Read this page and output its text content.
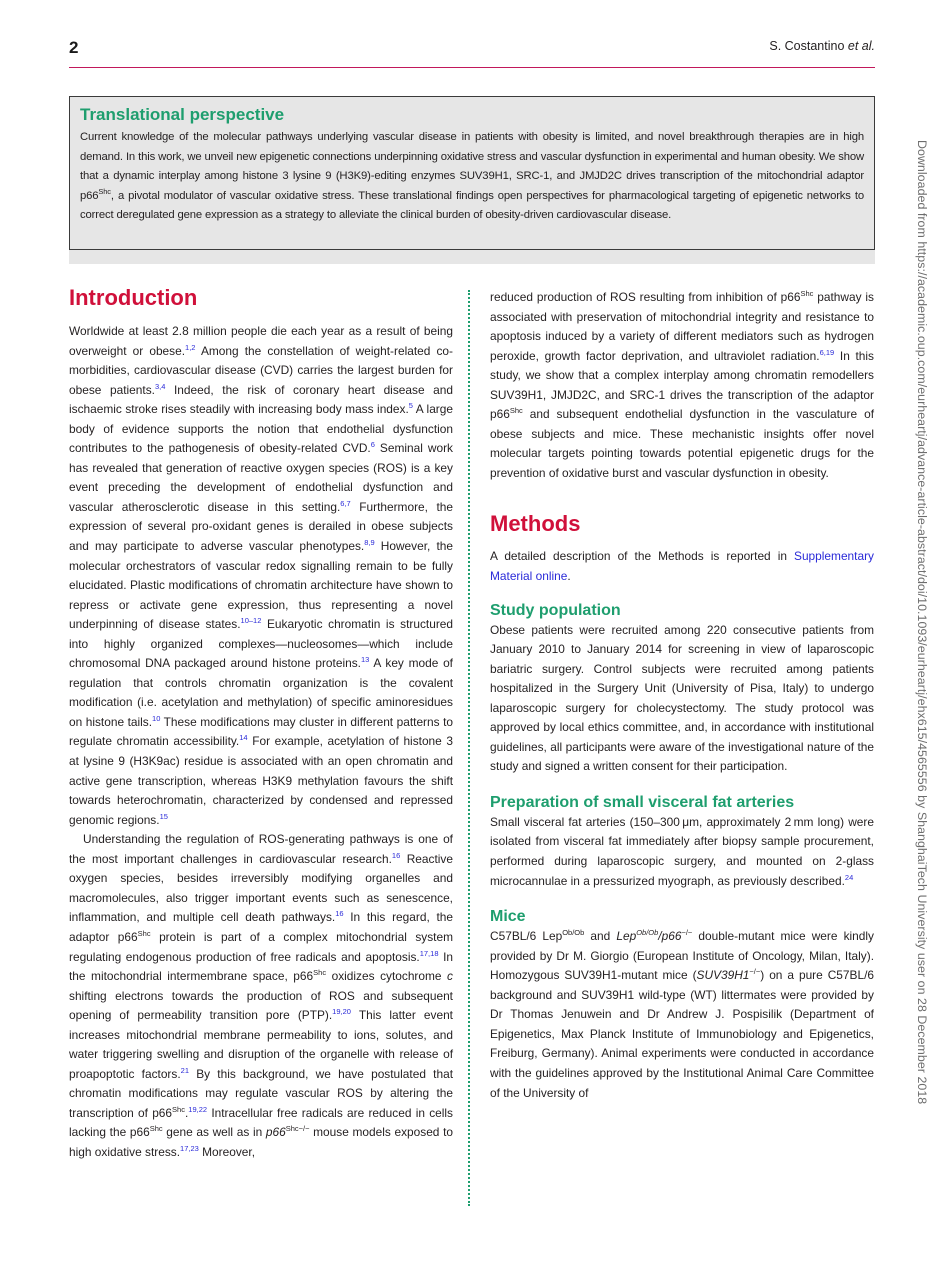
2	S. Costantino et al.
Translational perspective
Current knowledge of the molecular pathways underlying vascular disease in patients with obesity is limited, and novel breakthrough therapies are in high demand. In this work, we unveil new epigenetic connections underpinning oxidative stress and vascular dysfunction in experimental and human obesity. We show that a dynamic interplay among histone 3 lysine 9 (H3K9)-editing enzymes SUV39H1, SRC-1, and JMJD2C drives transcription of the mitochondrial adaptor $p66^{Shc}$, a pivotal modulator of vascular oxidative stress. These translational findings open perspectives for pharmacological targeting of epigenetic networks to correct deregulated gene expression as a strategy to alleviate the clinical burden of obesity-driven cardiovascular disease.
Introduction
Worldwide at least 2.8 million people die each year as a result of being overweight or obese.$^{1,2}$ Among the constellation of weight-related co-morbidities, cardiovascular disease (CVD) carries the largest burden for obese patients.$^{3,4}$ Indeed, the risk of coronary heart disease and ischaemic stroke rises steadily with increasing body mass index.$^5$ A large body of evidence supports the notion that endothelial dysfunction contributes to the pathogenesis of obesity-related CVD.$^6$ Seminal work has revealed that generation of reactive oxygen species (ROS) is a key event preceding the development of endothelial dysfunction and vascular atherosclerotic disease in this setting.$^{6,7}$ Furthermore, the expression of several pro-oxidant genes is derailed in obese subjects and may participate to adverse vascular phenotypes.$^{8,9}$ However, the molecular orchestrators of vascular redox signalling remain to be fully elucidated. Plastic modifications of chromatin architecture have shown to repress or activate gene expression, thus representing a novel underpinning of disease states.$^{10-12}$ Eukaryotic chromatin is structured into highly organized complexes—nucleosomes—which include chromosomal DNA packaged around histone proteins.$^{13}$ A key mode of regulation that controls chromatin organization is the covalent modification (i.e. acetylation and methylation) of specific aminoresidues on histone tails.$^{10}$ These modifications may cluster in different patterns to regulate chromatin accessibility.$^{14}$ For example, acetylation of histone 3 at lysine 9 (H3K9ac) residue is associated with an open chromatin and active gene transcription, whereas H3K9 methylation favours the shift towards heterochromatin, characterized by condensed and repressed genomic regions.$^{15}$
Understanding the regulation of ROS-generating pathways is one of the most important challenges in cardiovascular research.$^{16}$ Reactive oxygen species, besides irreversibly modifying organelles and macromolecules, also trigger important events such as senescence, inflammation, and multiple cell death pathways.$^{16}$ In this regard, the adaptor $p66^{Shc}$ protein is part of a complex mitochondrial system regulating endogenous production of free radicals and apoptosis.$^{17,18}$ In the mitochondrial intermembrane space, $p66^{Shc}$ oxidizes cytochrome c shifting electrons towards the production of ROS and subsequent opening of permeability transition pore (PTP).$^{19,20}$ This latter event increases mitochondrial membrane permeability to ions, solutes, and water triggering swelling and disruption of the organelle with release of proapoptotic factors.$^{21}$ By this background, we have postulated that chromatin modifications may regulate vascular ROS by altering the transcription of $p66^{Shc}.^{19,22}$ Intracellular free radicals are reduced in cells lacking the $p66^{Shc}$ gene as well as in $p66^{Shc-/-}$ mouse models exposed to high oxidative stress.$^{17,23}$ Moreover,
reduced production of ROS resulting from inhibition of $p66^{Shc}$ pathway is associated with preservation of mitochondrial integrity and resistance to apoptosis induced by a variety of different mediators such as hydrogen peroxide, growth factor deprivation, and ultraviolet radiation.$^{6,19}$ In this study, we show that a complex interplay among chromatin remodellers SUV39H1, JMJD2C, and SRC-1 drives the transcription of the adaptor $p66^{Shc}$ and subsequent endothelial dysfunction in the vasculature of obese subjects and mice. These mechanistic insights offer novel molecular targets pointing towards potential epigenetic drugs for the prevention of oxidative burst and vascular dysfunction in obesity.
Methods
A detailed description of the Methods is reported in Supplementary Material online.
Study population
Obese patients were recruited among 220 consecutive patients from January 2010 to January 2014 for screening in view of laparoscopic bariatric surgery. Control subjects were recruited among patients hospitalized in the Surgery Unit (University of Pisa, Italy) to undergo laparoscopic surgery for cholecystectomy. The study protocol was approved by local ethics committee, and, in accordance with institutional guidelines, all participants were aware of the investigational nature of the study and signed a written consent for their participation.
Preparation of small visceral fat arteries
Small visceral fat arteries (150–300 μm, approximately 2 mm long) were isolated from visceral fat immediately after biopsy sample procurement, performed during laparoscopic surgery, and mounted on 2-glass microcannulae in a pressurized myograph, as previously described.$^{24}$
Mice
C57BL/6 Lep$^{Ob/Ob}$ and Lep$^{Ob/Ob}$/p66−/− double-mutant mice were kindly provided by Dr M. Giorgio (European Institute of Oncology, Milan, Italy). Homozygous SUV39H1-mutant mice (SUV39H1−/−) on a pure C57BL/6 background and SUV39H1 wild-type (WT) littermates were provided by Dr Thomas Jenuwein and Dr Andrew J. Pospisilik (Department of Epigenetics, Max Planck Institute of Immunobiology and Epigenetics, Freiburg, Germany). Animal experiments were conducted in accordance with the guidelines approved by the Institutional Animal Care Committee of the University of	Downloaded from https://academic.oup.com/eurheartj/advance-article-abstract/doi/10.1093/eurheartj/ehx615/4565556 by ShanghaiTech University user on 28 December 2018
